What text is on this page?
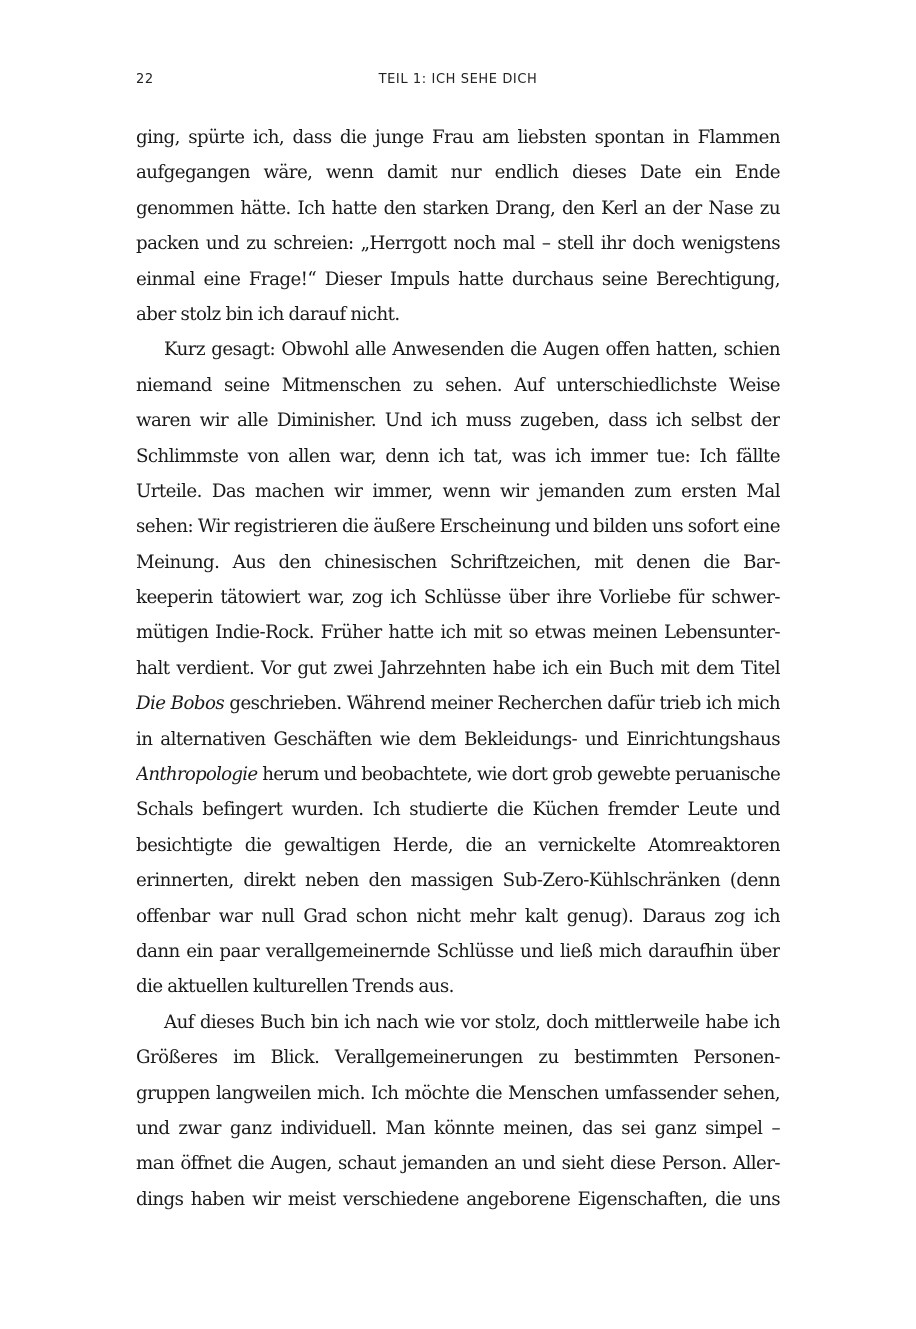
22	TEIL 1: ICH SEHE DICH
ging, spürte ich, dass die junge Frau am liebsten spontan in Flammen
aufgegangen wäre, wenn damit nur endlich dieses Date ein Ende
genommen hätte. Ich hatte den starken Drang, den Kerl an der Nase zu
packen und zu schreien: „Herrgott noch mal – stell ihr doch wenigstens
einmal eine Frage!“ Dieser Impuls hatte durchaus seine Berechtigung,
aber stolz bin ich darauf nicht.
Kurz gesagt: Obwohl alle Anwesenden die Augen offen hatten, schien
niemand seine Mitmenschen zu sehen. Auf unterschiedlichste Weise
waren wir alle Diminisher. Und ich muss zugeben, dass ich selbst der
Schlimmste von allen war, denn ich tat, was ich immer tue: Ich fällte
Urteile. Das machen wir immer, wenn wir jemanden zum ersten Mal
sehen: Wir registrieren die äußere Erscheinung und bilden uns sofort eine
Meinung. Aus den chinesischen Schriftzeichen, mit denen die Bar-
keeperin tätowiert war, zog ich Schlüsse über ihre Vorliebe für schwer-
mütigen Indie-Rock. Früher hatte ich mit so etwas meinen Lebensunter-
halt verdient. Vor gut zwei Jahrzehnten habe ich ein Buch mit dem Titel
Die Bobos geschrieben. Während meiner Recherchen dafür trieb ich mich
in alternativen Geschäften wie dem Bekleidungs- und Einrichtungshaus
Anthropologie herum und beobachtete, wie dort grob gewebte peruanische
Schals befingert wurden. Ich studierte die Küchen fremder Leute und
besichtigte die gewaltigen Herde, die an vernickelte Atomreaktoren
erinnerten, direkt neben den massigen Sub-Zero-Kühlschränken (denn
offenbar war null Grad schon nicht mehr kalt genug). Daraus zog ich
dann ein paar verallgemeinernde Schlüsse und ließ mich daraufhin über
die aktuellen kulturellen Trends aus.
Auf dieses Buch bin ich nach wie vor stolz, doch mittlerweile habe ich
Größeres im Blick. Verallgemeinerungen zu bestimmten Personen-
gruppen langweilen mich. Ich möchte die Menschen umfassender sehen,
und zwar ganz individuell. Man könnte meinen, das sei ganz simpel –
man öffnet die Augen, schaut jemanden an und sieht diese Person. Aller-
dings haben wir meist verschiedene angeborene Eigenschaften, die uns
